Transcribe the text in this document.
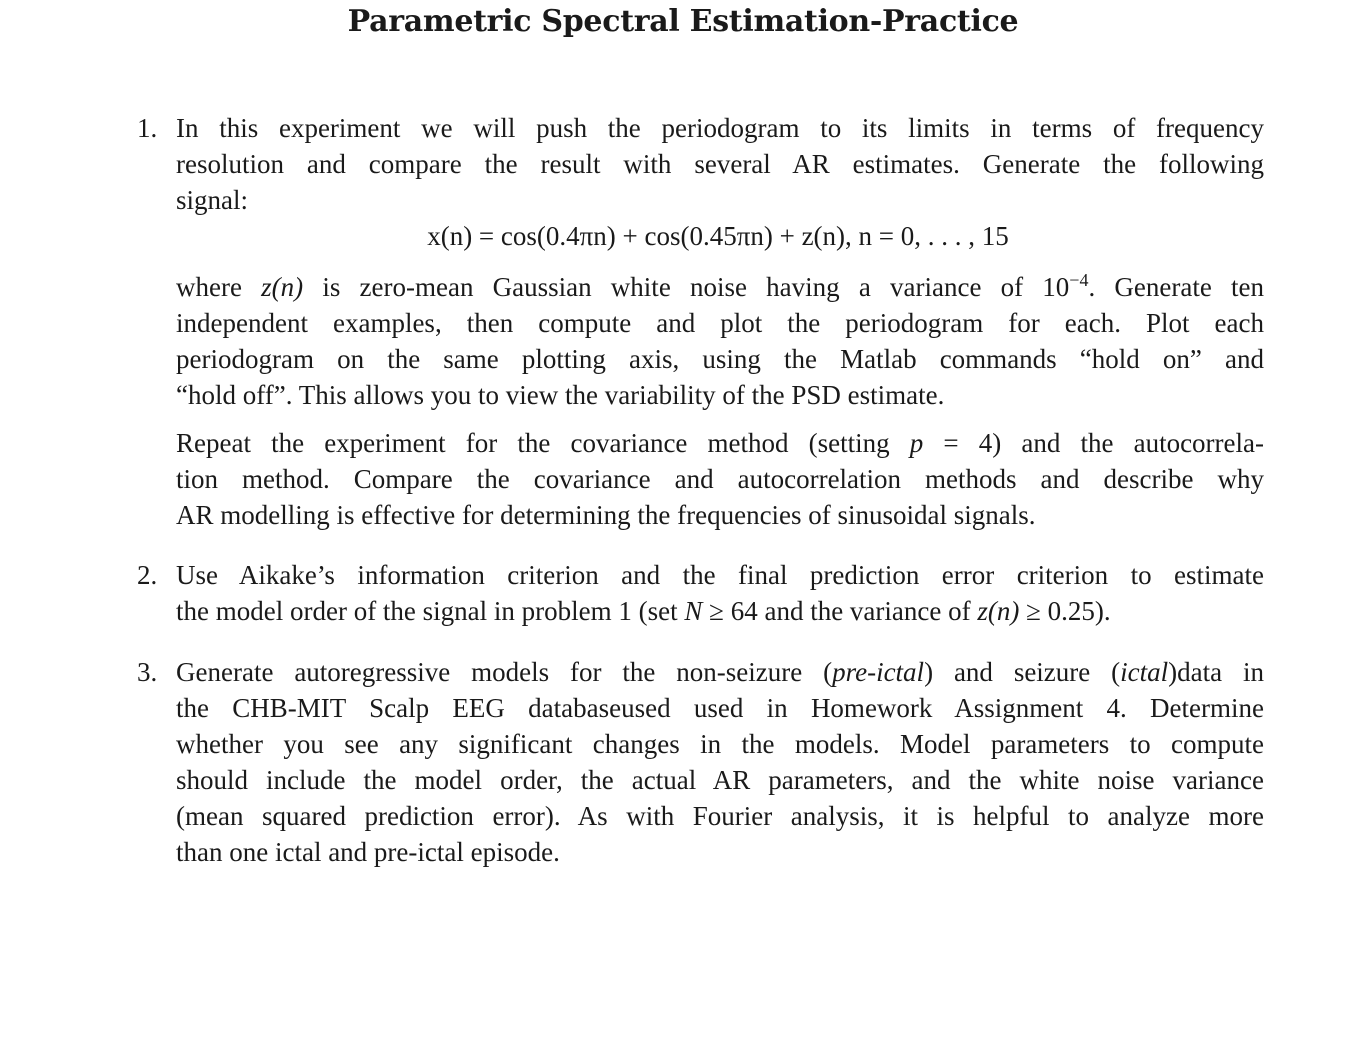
Parametric Spectral Estimation-Practice
1. In this experiment we will push the periodogram to its limits in terms of frequency
resolution and compare the result with several AR estimates. Generate the following
signal:
x(n) = cos(0.4πn) + cos(0.45πn) + z(n), n = 0, . . . , 15
where z(n) is zero-mean Gaussian white noise having a variance of $10^{-4}$. Generate ten
independent examples, then compute and plot the periodogram for each. Plot each
periodogram on the same plotting axis, using the Matlab commands “hold on” and
“hold off”. This allows you to view the variability of the PSD estimate.
Repeat the experiment for the covariance method (setting p = 4) and the autocorrela-
tion method. Compare the covariance and autocorrelation methods and describe why
AR modelling is effective for determining the frequencies of sinusoidal signals.
2. Use Aikake’s information criterion and the final prediction error criterion to estimate
the model order of the signal in problem 1 (set N ≥ 64 and the variance of z(n) ≥ 0.25).
3. Generate autoregressive models for the non-seizure (pre-ictal) and seizure (ictal)data in
the CHB-MIT Scalp EEG databaseused used in Homework Assignment 4. Determine
whether you see any significant changes in the models. Model parameters to compute
should include the model order, the actual AR parameters, and the white noise variance
(mean squared prediction error). As with Fourier analysis, it is helpful to analyze more
than one ictal and pre-ictal episode.
